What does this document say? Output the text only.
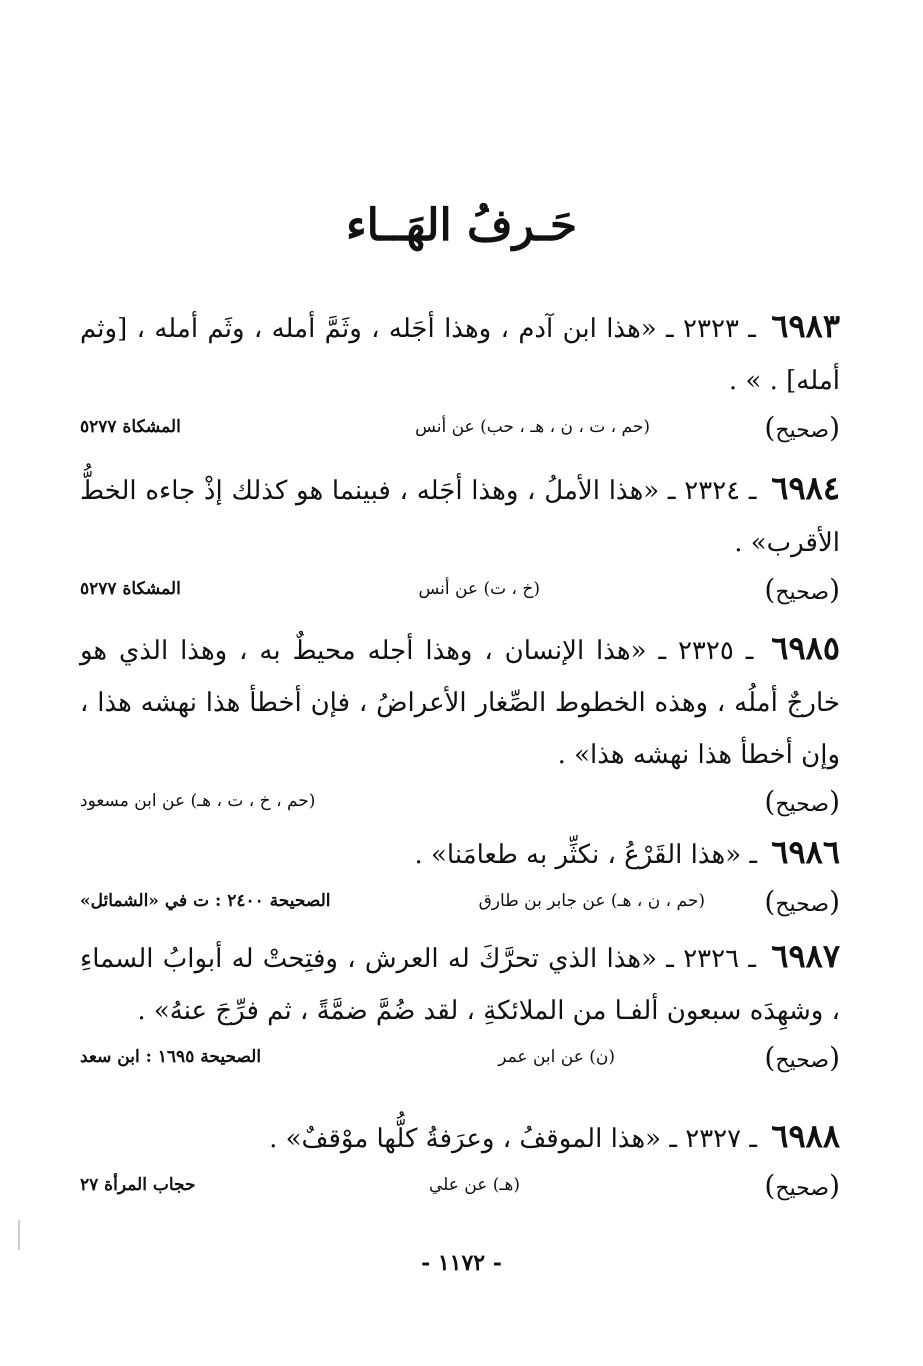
حَـرفُ الهَــاء
٦٩٨٣ ـ ٢٣٢٣ ـ «هذا ابن آدم ، وهذا أجَله ، وثَمَّ أمله ، وثَم أمله ، [وثم أمله] . » .
(صحيح)
(حم ، ت ، ن ، هـ ، حب) عن أنس
المشكاة ٥٢٧٧
٦٩٨٤ ـ ٢٣٢٤ ـ «هذا الأملُ ، وهذا أجَله ، فبينما هو كذلك إذْ جاءه الخطُّ الأقرب» .
(صحيح)
(خ ، ت) عن أنس
المشكاة ٥٢٧٧
٦٩٨٥ ـ ٢٣٢٥ ـ «هذا الإنسان ، وهذا أجله محيطٌ به ، وهذا الذي هو خارجٌ أملُه ، وهذه الخطوط الصِّغار الأعراضُ ، فإن أخطأ هذا نهشه هذا ، وإن أخطأ هذا نهشه هذا» .
(صحيح)
(حم ، خ ، ت ، هـ) عن ابن مسعود
٦٩٨٦ ـ «هذا القَرْعُ ، نكثِّر به طعامَنا» .
(صحيح)
(حم ، ن ، هـ) عن جابر بن طارق
الصحيحة ٢٤٠٠ : ت في «الشمائل»
٦٩٨٧ ـ ٢٣٢٦ ـ «هذا الذي تحرَّكَ له العرش ، وفتِحتْ له أبوابُ السماءِ ، وشهِدَه سبعون ألفـا من الملائكةِ ، لقد ضُمَّ ضمَّةً ، ثم فرِّجَ عنهُ» .
(صحيح)
(ن) عن ابن عمر
الصحيحة ١٦٩٥ : ابن سعد
٦٩٨٨ ـ ٢٣٢٧ ـ «هذا الموقفُ ، وعرَفةُ كلُّها موْقفٌ» .
(صحيح)
(هـ) عن علي
حجاب المرأة ٢٧
- ١١٧٢ -
